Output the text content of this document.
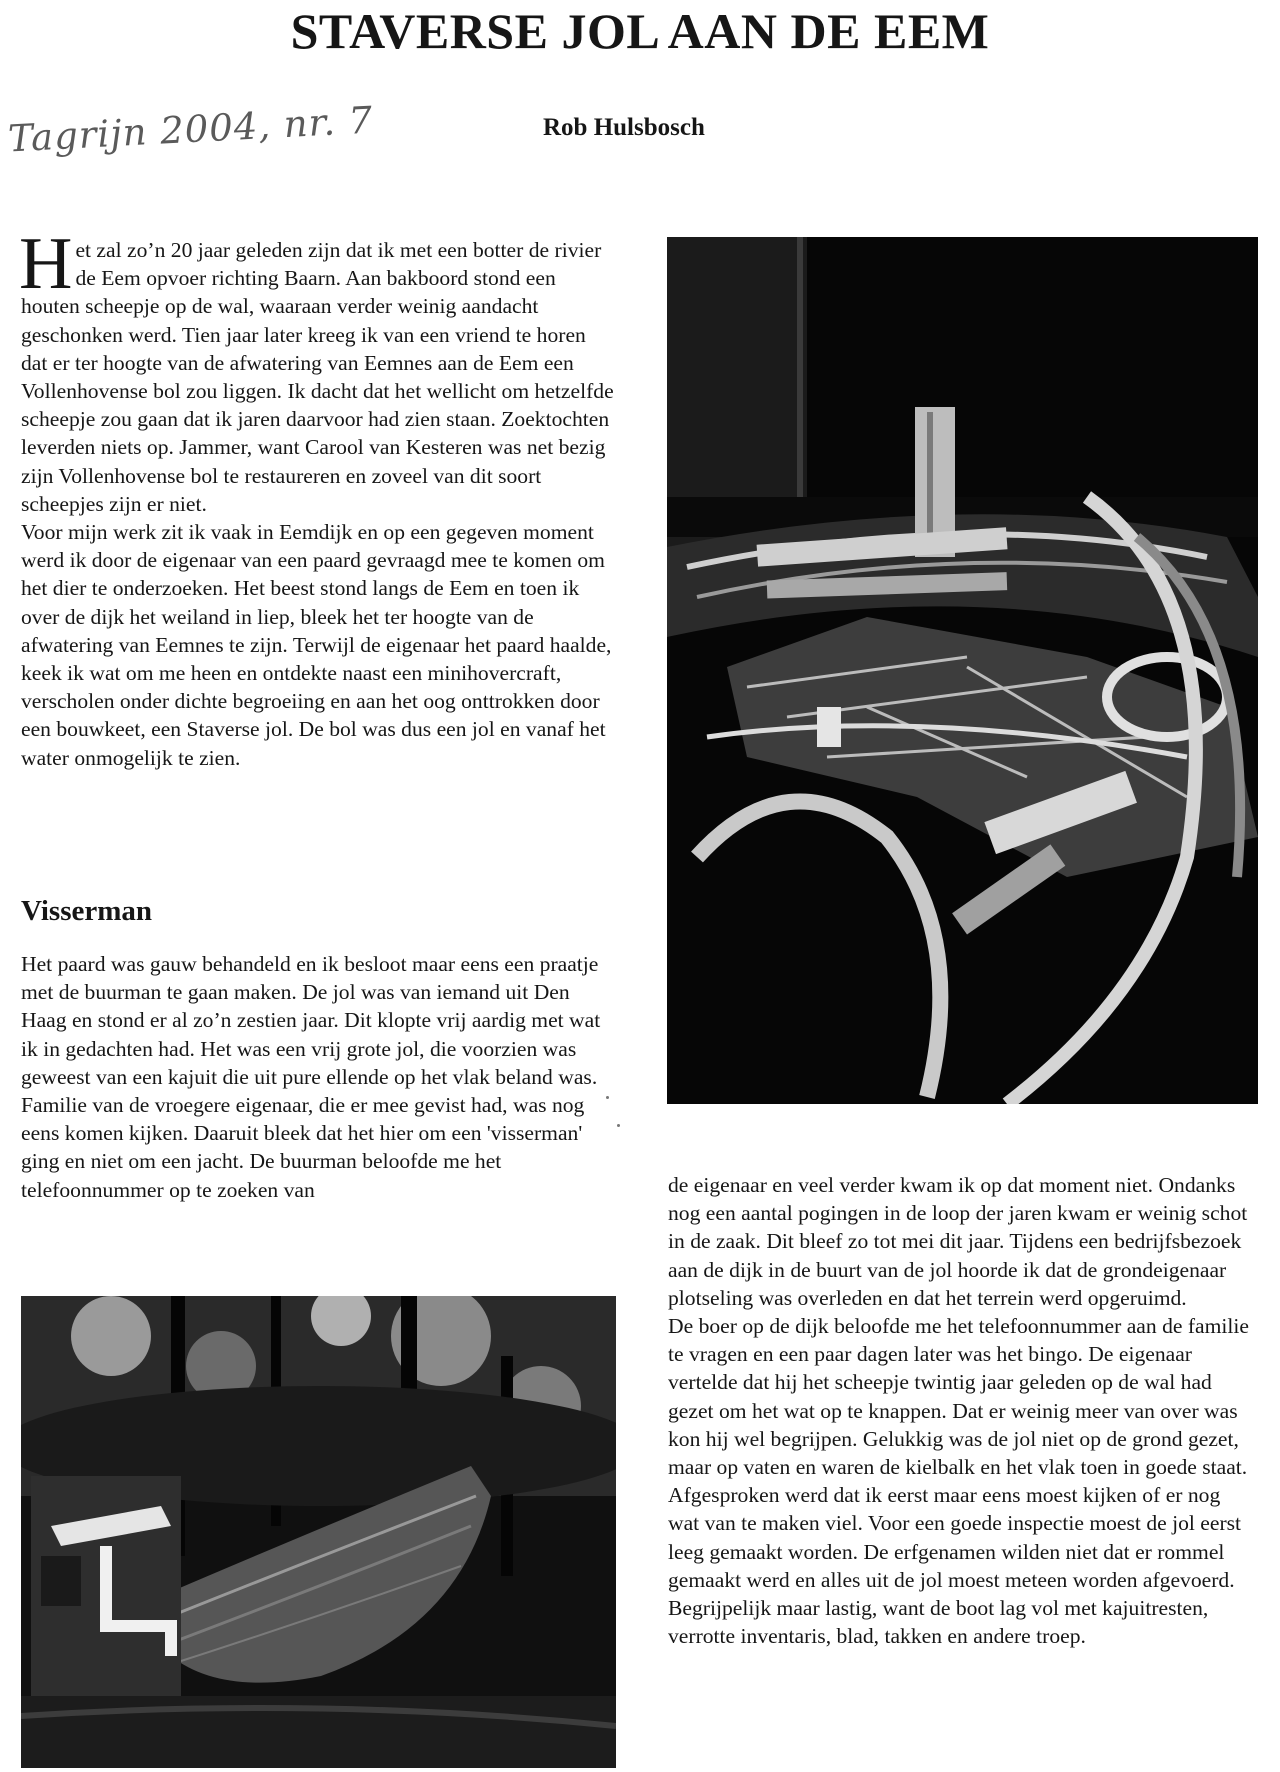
STAVERSE JOL AAN DE EEM
Tagrijn 2004, nr. 7	Rob Hulsbosch

Het zal zo’n 20 jaar geleden zijn dat ik met een botter de rivier de Eem opvoer richting Baarn. Aan bakboord stond een houten scheepje op de wal, waaraan verder weinig aandacht geschonken werd. Tien jaar later kreeg ik van een vriend te horen dat er ter hoogte van de afwatering van Eemnes aan de Eem een Vollenhovense bol zou liggen. Ik dacht dat het wellicht om hetzelfde scheepje zou gaan dat ik jaren daarvoor had zien staan. Zoektochten leverden niets op. Jammer, want Carool van Kesteren was net bezig zijn Vollenhovense bol te restaureren en zoveel van dit soort scheepjes zijn er niet.

Voor mijn werk zit ik vaak in Eemdijk en op een gegeven moment werd ik door de eigenaar van een paard gevraagd mee te komen om het dier te onderzoeken. Het beest stond langs de Eem en toen ik over de dijk het weiland in liep, bleek het ter hoogte van de afwatering van Eemnes te zijn. Terwijl de eigenaar het paard haalde, keek ik wat om me heen en ontdekte naast een minihovercraft, verscholen onder dichte begroeiing en aan het oog onttrokken door een bouwkeet, een Staverse jol. De bol was dus een jol en vanaf het water onmogelijk te zien.

Visserman

Het paard was gauw behandeld en ik besloot maar eens een praatje met de buurman te gaan maken. De jol was van iemand uit Den Haag en stond er al zo’n zestien jaar. Dit klopte vrij aardig met wat ik in gedachten had. Het was een vrij grote jol, die voorzien was geweest van een kajuit die uit pure ellende op het vlak beland was. Familie van de vroegere eigenaar, die er mee gevist had, was nog eens komen kijken. Daaruit bleek dat het hier om een 'visserman' ging en niet om een jacht. De buurman beloofde me het telefoonnummer op te zoeken van	de eigenaar en veel verder kwam ik op dat moment niet. Ondanks nog een aantal pogingen in de loop der jaren kwam er weinig schot in de zaak. Dit bleef zo tot mei dit jaar. Tijdens een bedrijfsbezoek aan de dijk in de buurt van de jol hoorde ik dat de grondeigenaar plotseling was overleden en dat het terrein werd opgeruimd.

De boer op de dijk beloofde me het telefoonnummer aan de familie te vragen en een paar dagen later was het bingo. De eigenaar vertelde dat hij het scheepje twintig jaar geleden op de wal had gezet om het wat op te knappen. Dat er weinig meer van over was kon hij wel begrijpen. Gelukkig was de jol niet op de grond gezet, maar op vaten en waren de kielbalk en het vlak toen in goede staat. Afgesproken werd dat ik eerst maar eens moest kijken of er nog wat van te maken viel. Voor een goede inspectie moest de jol eerst leeg gemaakt worden. De erfgenamen wilden niet dat er rommel gemaakt werd en alles uit de jol moest meteen worden afgevoerd. Begrijpelijk maar lastig, want de boot lag vol met kajuitresten, verrotte inventaris, blad, takken en andere troep.
